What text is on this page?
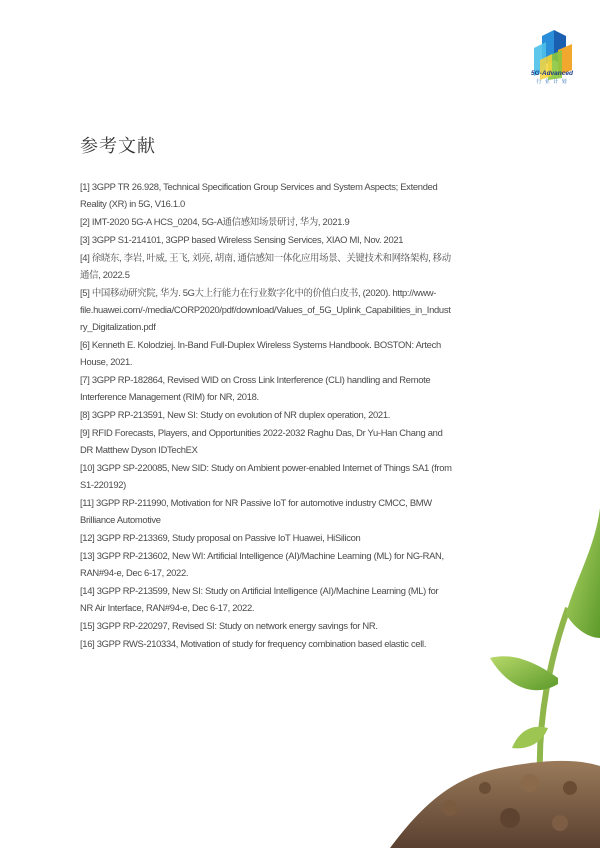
5G-Advanced
行 业 计 划
参考文献

[1] 3GPP TR 26.928, Technical Specification Group Services and System Aspects; Extended Reality (XR) in 5G, V16.1.0

[2] IMT-2020 5G-A HCS_0204, 5G-A通信感知场景研讨, 华为, 2021.9

[3] 3GPP S1-214101, 3GPP based Wireless Sensing Services, XIAO MI, Nov. 2021

[4] 徐晓东, 李岩, 叶威, 王飞, 刘亮, 胡南, 通信感知一体化应用场景、关键技术和网络架构, 移动通信, 2022.5

[5] 中国移动研究院, 华为. 5G大上行能力在行业数字化中的价值白皮书, (2020). http://www-file.huawei.com/-/media/CORP2020/pdf/download/Values_of_5G_Uplink_Capabilities_in_Industry_Digitalization.pdf

[6] Kenneth E. Kolodziej. In-Band Full-Duplex Wireless Systems Handbook. BOSTON: Artech House, 2021.

[7] 3GPP RP-182864, Revised WID on Cross Link Interference (CLI) handling and Remote Interference Management (RIM) for NR, 2018.

[8] 3GPP RP-213591, New SI: Study on evolution of NR duplex operation, 2021.

[9] RFID Forecasts, Players, and Opportunities 2022-2032 Raghu Das, Dr Yu-Han Chang and DR Matthew Dyson IDTechEX

[10] 3GPP SP-220085, New SID: Study on Ambient power-enabled Internet of Things SA1 (from S1-220192)

[11] 3GPP RP-211990, Motivation for NR Passive IoT for automotive industry CMCC, BMW Brilliance Automotive

[12] 3GPP RP-213369, Study proposal on Passive IoT Huawei, HiSilicon

[13] 3GPP RP-213602, New WI: Artificial Intelligence (AI)/Machine Learning (ML) for NG-RAN, RAN#94-e, Dec 6-17, 2022.

[14] 3GPP RP-213599, New SI: Study on Artificial Intelligence (AI)/Machine Learning (ML) for NR Air Interface, RAN#94-e, Dec 6-17, 2022.

[15] 3GPP RP-220297, Revised SI: Study on network energy savings for NR.

[16] 3GPP RWS-210334, Motivation of study for frequency combination based elastic cell.
